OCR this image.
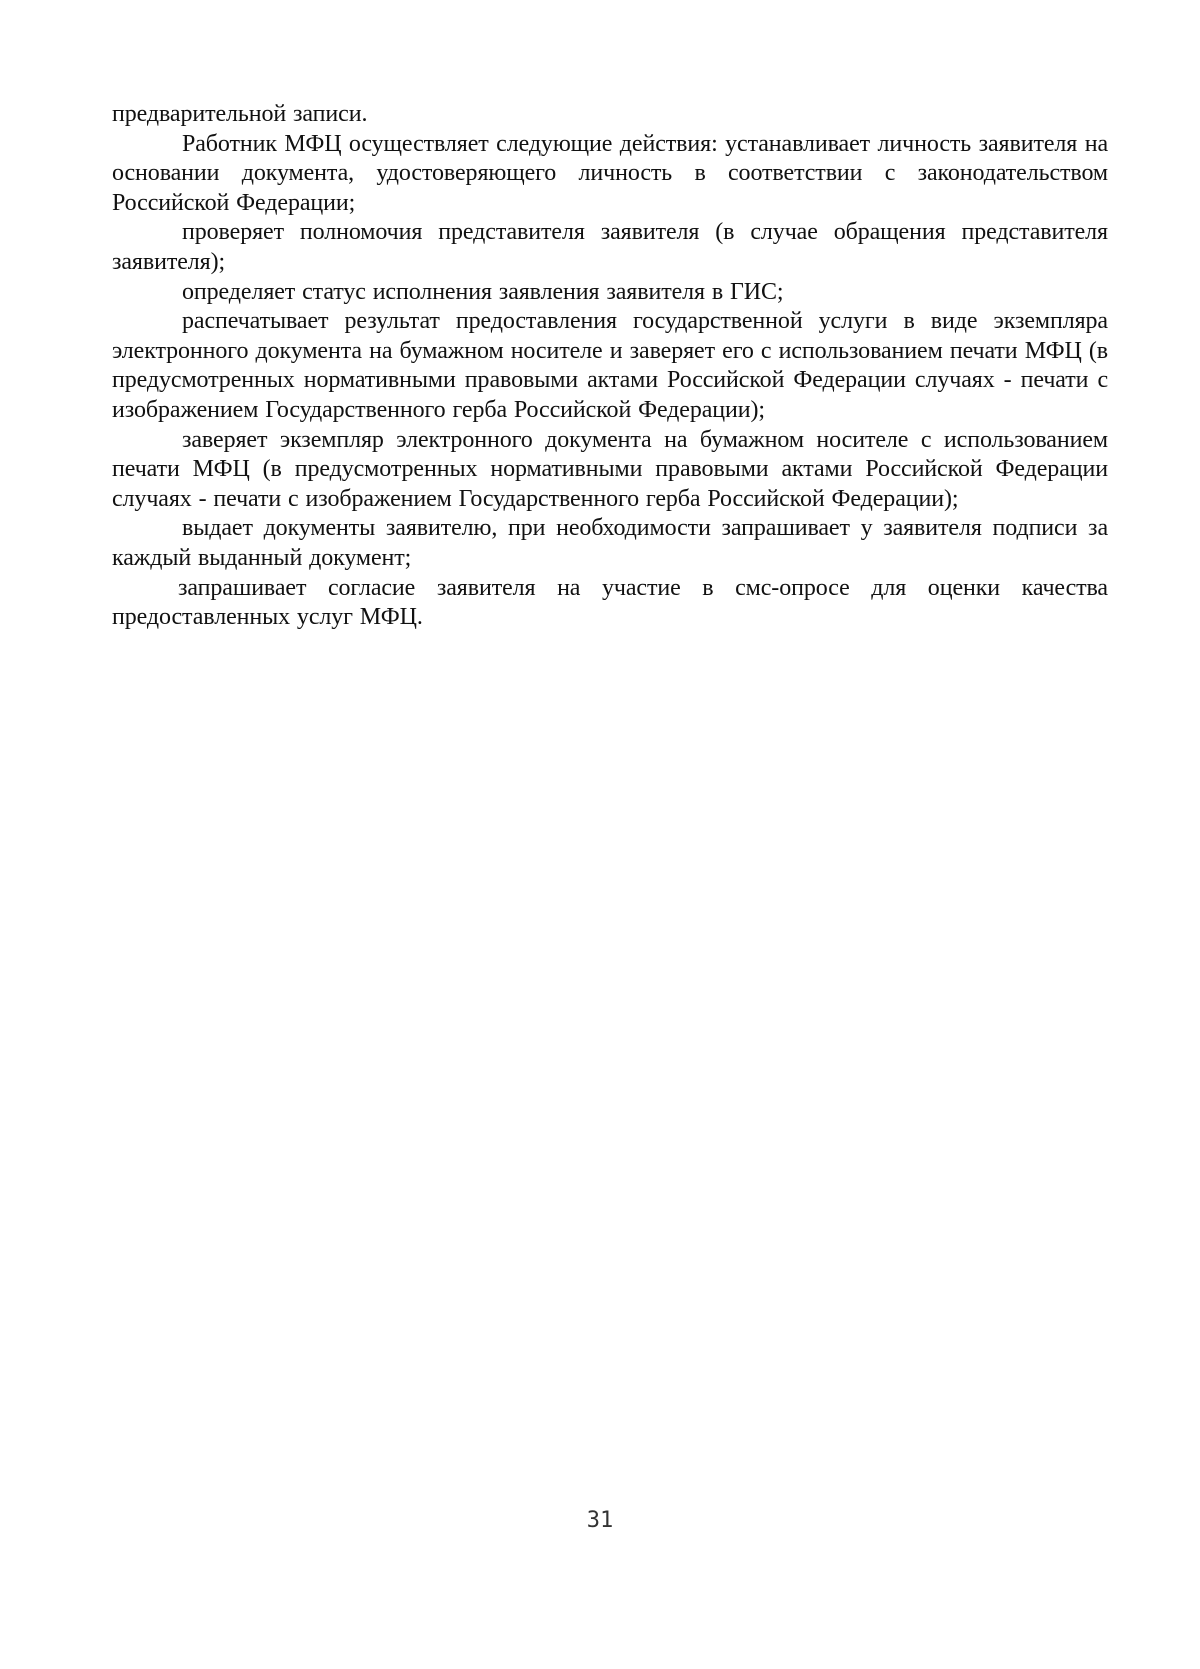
предварительной записи.

Работник МФЦ осуществляет следующие действия: устанавливает личность заявителя на основании документа, удостоверяющего личность в соответствии с законодательством Российской Федерации;

проверяет полномочия представителя заявителя (в случае обращения представителя заявителя);

определяет статус исполнения заявления заявителя в ГИС;

распечатывает результат предоставления государственной услуги в виде экземпляра электронного документа на бумажном носителе и заверяет его с использованием печати МФЦ (в предусмотренных нормативными правовыми актами Российской Федерации случаях - печати с изображением Государственного герба Российской Федерации);

заверяет экземпляр электронного документа на бумажном носителе с использованием печати МФЦ (в предусмотренных нормативными правовыми актами Российской Федерации случаях - печати с изображением Государственного герба Российской Федерации);

выдает документы заявителю, при необходимости запрашивает у заявителя подписи за каждый выданный документ;

запрашивает согласие заявителя на участие в смс-опросе для оценки качества предоставленных услуг МФЦ.

31
